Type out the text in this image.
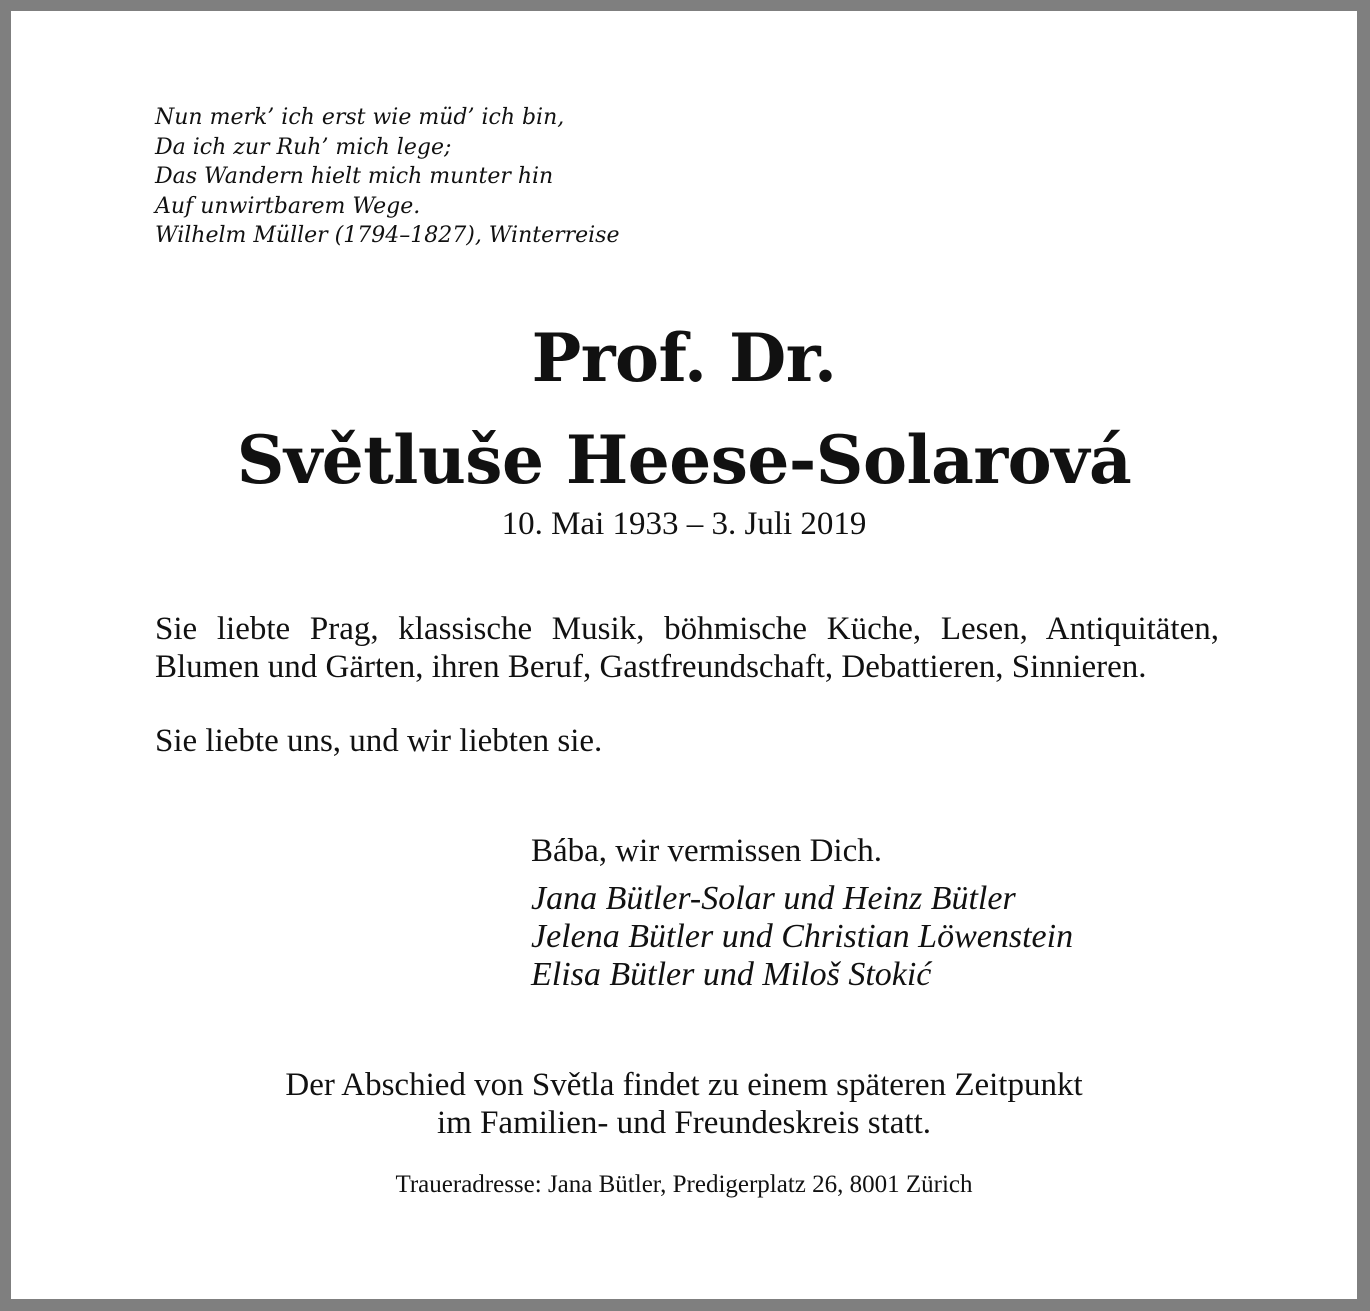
Nun merk’ ich erst wie müd’ ich bin,
Da ich zur Ruh’ mich lege;
Das Wandern hielt mich munter hin
Auf unwirtbarem Wege.
Wilhelm Müller (1794–1827), Winterreise
Prof. Dr.
Světluše Heese-Solarová
10. Mai 1933 – 3. Juli 2019
Sie liebte Prag, klassische Musik, böhmische Küche, Lesen, Antiquitäten, Blumen und Gärten, ihren Beruf, Gastfreundschaft, Debattieren, Sinnieren.
Sie liebte uns, und wir liebten sie.
Bába, wir vermissen Dich.
Jana Bütler-Solar und Heinz Bütler
Jelena Bütler und Christian Löwenstein
Elisa Bütler und Miloš Stokić
Der Abschied von Světla findet zu einem späteren Zeitpunkt
im Familien- und Freundeskreis statt.
Traueradresse: Jana Bütler, Predigerplatz 26, 8001 Zürich
